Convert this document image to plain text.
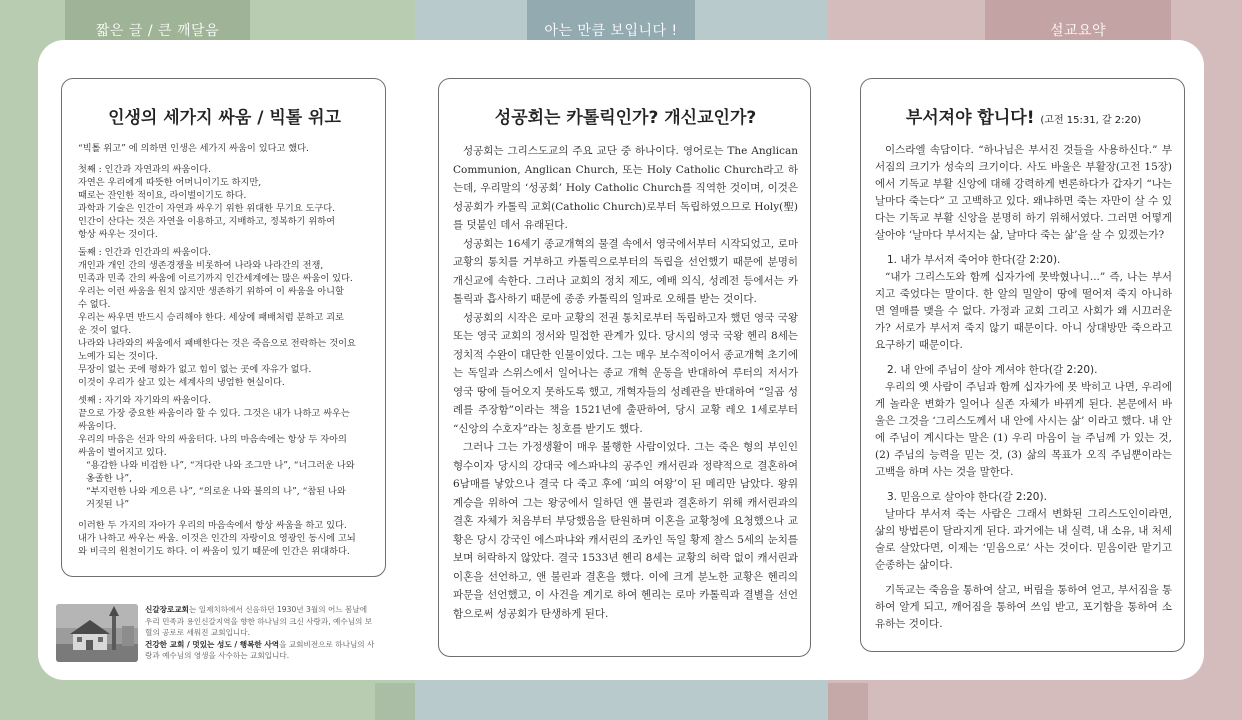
짧은 글 / 큰 깨달음	아는 만큼 보입니다 !	설교요약
인생의 세가지 싸움 / 빅톨 위고

“빅톨 위고” 에 의하면 인생은 세가지 싸움이 있다고 했다.

첫째 : 인간과 자연과의 싸움이다.
자연은 우리에게 따뜻한 어머니이기도 하지만,
때로는 잔인한 적이요, 라이벌이기도 하다.
과학과 기술은 인간이 자연과 싸우기 위한 위대한 무기요 도구다.
인간이 산다는 것은 자연을 이용하고, 지배하고, 정복하기 위하여
항상 싸우는 것이다.

둘째 : 인간과 인간과의 싸움이다.
개인과 개인 간의 생존경쟁을 비롯하여 나라와 나라간의 전쟁,
민족과 민족 간의 싸움에 이르기까지 인간세계에는 많은 싸움이 있다.
우리는 이런 싸움을 원치 않지만 생존하기 위하여 이 싸움을 아니할
수 없다.
우리는 싸우면 반드시 승리해야 한다. 세상에 패배처럼 분하고 괴로
운 것이 없다.
나라와 나라와의 싸움에서 패배한다는 것은 죽음으로 전락하는 것이요
노예가 되는 것이다.
무장이 없는 곳에 평화가 없고 힘이 없는 곳에 자유가 없다.
이것이 우리가 살고 있는 세계사의 냉엄한 현실이다.

셋째 : 자기와 자기와의 싸움이다.
끝으로 가장 중요한 싸움이라 할 수 있다. 그것은 내가 나하고 싸우는
싸움이다.
우리의 마음은 선과 악의 싸움터다. 나의 마음속에는 항상 두 자아의
싸움이 벌어지고 있다.

“용감한 나와 비겁한 나”, “겨다란 나와 조그만 나”, “너그러운 나와
옹졸한 나”,

“부지런한 나와 게으른 나”, “의로운 나와 불의의 나”, “참된 나와
거짓된 나”

이러한 두 가지의 자아가 우리의 마음속에서 항상 싸움을 하고 있다.
내가 나하고 싸우는 싸움. 이것은 인간의 자랑이요 영광인 동시에 고뇌
와 비극의 원천이기도 하다. 이 싸움이 있기 때문에 인간은 위대하다.

성공회는 카톨릭인가? 개신교인가?

성공회는 그리스도교의 주요 교단 중 하나이다. 영어로는 The Anglican Communion, Anglican Church, 또는 Holy Catholic Church라고 하는데, 우리말의 ‘성공회’ Holy Catholic Church를 직역한 것이며, 이것은 성공회가 카톨릭 교회(Catholic Church)로부터 독립하였으므로 Holy(聖)를 덧붙인 데서 유래된다.

성공회는 16세기 종교개혁의 물결 속에서 영국에서부터 시작되었고, 로마교황의 통치를 거부하고 카톨릭으로부터의 독립을 선언했기 때문에 분명히 개신교에 속한다. 그러나 교회의 정치 제도, 예배 의식, 성례전 등에서는 카톨릭과 흡사하기 때문에 종종 카톨릭의 일파로 오해를 받는 것이다.

성공회의 시작은 로마 교황의 전권 통치로부터 독립하고자 했던 영국 국왕 또는 영국 교회의 정서와 밀접한 관계가 있다. 당시의 영국 국왕 헨리 8세는 정치적 수완이 대단한 인물이었다. 그는 매우 보수적이어서 종교개혁 초기에는 독일과 스위스에서 일어나는 종교 개혁 운동을 반대하여 루터의 저서가 영국 땅에 들어오지 못하도록 했고, 개혁자들의 성례관을 반대하여 “일곱 성례를 주장함”이라는 책을 1521년에 출판하여, 당시 교황 레오 1세로부터 “신앙의 수호자”라는 칭호를 받기도 했다.

그러나 그는 가정생활이 매우 불행한 사람이었다. 그는 죽은 형의 부인인 형수이자 당시의 강대국 에스파냐의 공주인 캐서린과 정략적으로 결혼하여 6남매를 낳았으나 결국 다 죽고 후에 ‘피의 여왕’이 된 메리만 남았다. 왕위 계승을 위하여 그는 왕궁에서 일하던 앤 불린과 결혼하기 위해 캐서린과의 결혼 자체가 처음부터 부당했음을 탄원하며 이혼을 교황청에 요청했으나 교황은 당시 강국인 에스파냐와 캐서린의 조카인 독일 황제 찰스 5세의 눈치를 보며 허락하지 않았다. 결국 1533년 헨리 8세는 교황의 허락 없이 캐서린과 이혼을 선언하고, 앤 불린과 결혼을 했다. 이에 크게 분노한 교황은 헨리의 파문을 선언했고, 이 사건을 계기로 하여 헨리는 로마 카톨릭과 결별을 선언함으로써 성공회가 탄생하게 된다.

부서져야 합니다! (고전 15:31, 갈 2:20)

이스라엘 속담이다. “하나님은 부서진 것들을 사용하신다.” 부서짐의 크기가 성숙의 크기이다. 사도 바울은 부활장(고전 15장)에서 기독교 부활 신앙에 대해 강력하게 변론하다가 갑자기 “나는 날마다 죽는다” 고 고백하고 있다. 왜냐하면 죽는 자만이 살 수 있다는 기독교 부활 신앙을 분명히 하기 위해서였다. 그러면 어떻게 살아야 ‘날마다 부서지는 삶, 날마다 죽는 삶’을 살 수 있겠는가?

1. 내가 부서져 죽어야 한다(갈 2:20).

“내가 그리스도와 함께 십자가에 못박혔나니...” 즉, 나는 부서지고 죽었다는 말이다. 한 알의 밀알이 땅에 떨어져 죽지 아니하면 열매를 맺을 수 없다. 가정과 교회 그리고 사회가 왜 시끄러운가? 서로가 부서져 죽지 않기 때문이다. 아니 상대방만 죽으라고 요구하기 때문이다.

2. 내 안에 주님이 살아 계셔야 한다(갈 2:20).

우리의 옛 사람이 주님과 함께 십자가에 못 박히고 나면, 우리에게 놀라운 변화가 일어나 실존 자체가 바뀌게 된다. 본문에서 바울은 그것을 ‘그리스도께서 내 안에 사시는 삶’ 이라고 했다. 내 안에 주님이 계시다는 말은 (1) 우리 마음이 늘 주님께 가 있는 것, (2) 주님의 능력을 믿는 것, (3) 삶의 목표가 오직 주님뿐이라는 고백을 하며 사는 것을 말한다.

3. 믿음으로 살아야 한다(갈 2:20).

날마다 부서져 죽는 사람은 그래서 변화된 그리스도인이라면, 삶의 방법론이 달라지게 된다. 과거에는 내 실력, 내 소유, 내 처세술로 살았다면, 이제는 ‘믿음으로’ 사는 것이다. 믿음이란 맡기고 순종하는 삶이다.

기독교는 죽음을 통하여 살고, 버림을 통하여 얻고, 부서짐을 통하여 알게 되고, 깨어짐을 통하여 쓰임 받고, 포기함을 통하여 소유하는 것이다.

신갈장로교회는 일제치하에서 신음하던 1930년 3월의 어느 봄날에 우리 민족과 용인신갈지역을 향한 하나님의 크신 사랑과, 예수님의 보혈의 공로로 세워진 교회입니다.

건강한 교회 / 멋있는 성도 / 행복한 사역을 교회비전으로 하나님의 사랑과 예수님의 영생을 사수하는 교회입니다.
